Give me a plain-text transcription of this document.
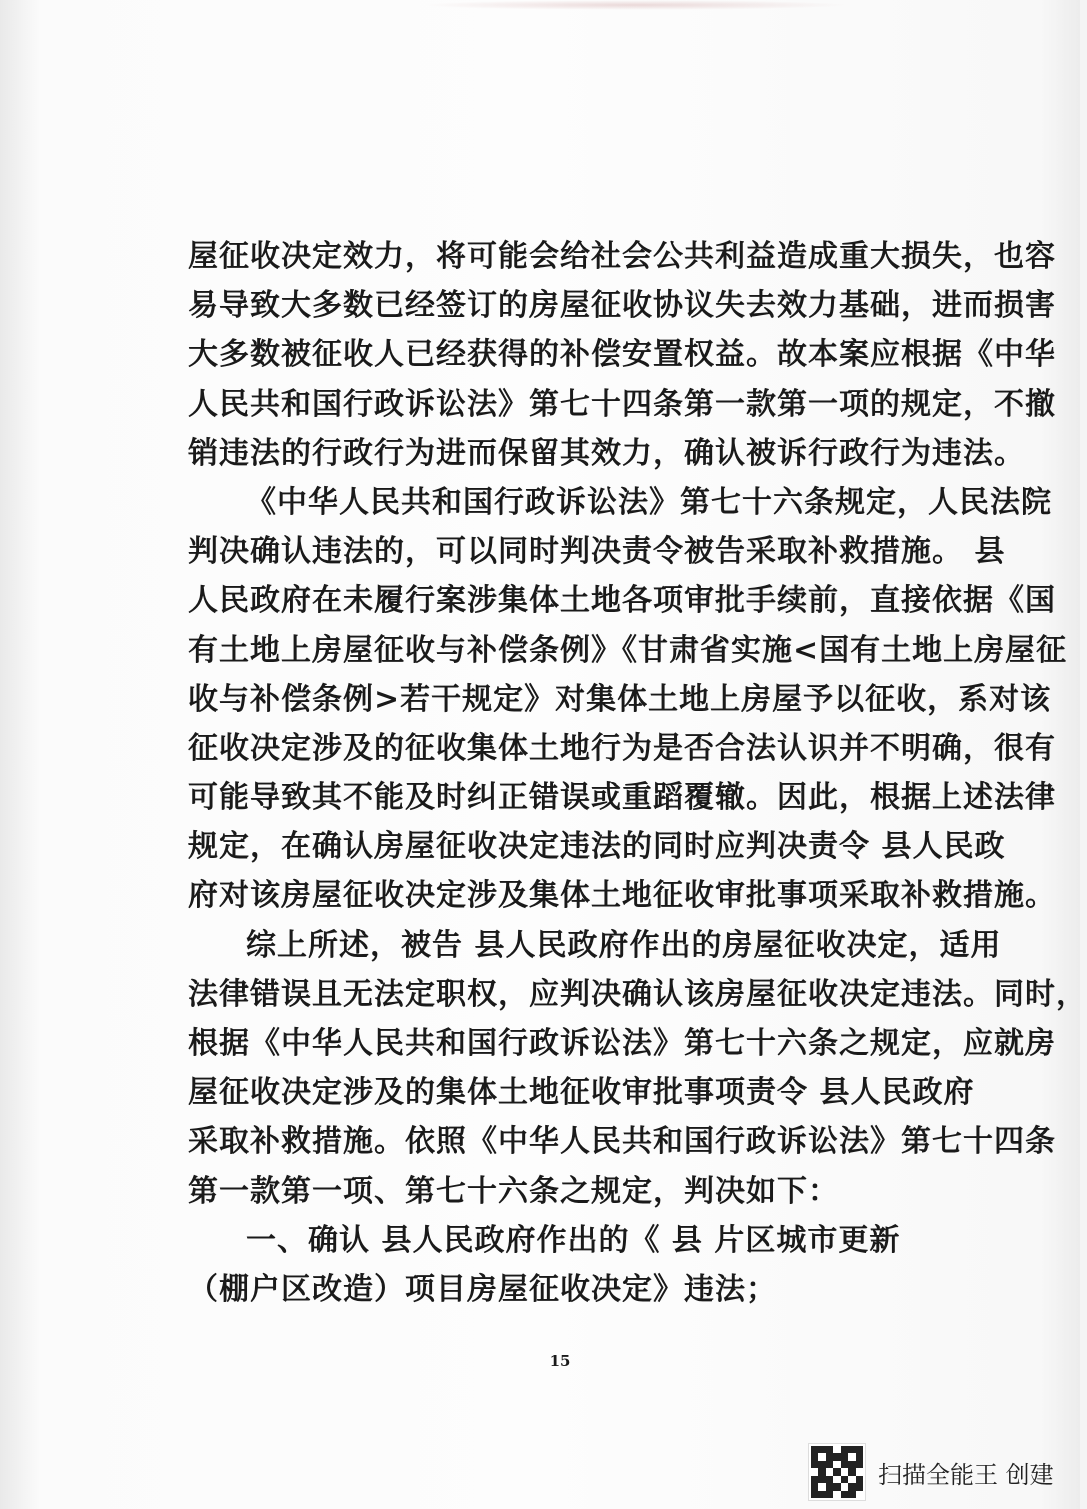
屋征收决定效力，将可能会给社会公共利益造成重大损失，也容
易导致大多数已经签订的房屋征收协议失去效力基础，进而损害
大多数被征收人已经获得的补偿安置权益。故本案应根据《中华
人民共和国行政诉讼法》第七十四条第一款第一项的规定，不撤
销违法的行政行为进而保留其效力，确认被诉行政行为违法。
《中华人民共和国行政诉讼法》第七十六条规定，人民法院
判决确认违法的，可以同时判决责令被告采取补救措施。 县
人民政府在未履行案涉集体土地各项审批手续前，直接依据《国
有土地上房屋征收与补偿条例》《甘肃省实施<国有土地上房屋征
收与补偿条例>若干规定》对集体土地上房屋予以征收，系对该
征收决定涉及的征收集体土地行为是否合法认识并不明确，很有
可能导致其不能及时纠正错误或重蹈覆辙。因此，根据上述法律
规定，在确认房屋征收决定违法的同时应判决责令 县人民政
府对该房屋征收决定涉及集体土地征收审批事项采取补救措施。
综上所述，被告 县人民政府作出的房屋征收决定，适用
法律错误且无法定职权，应判决确认该房屋征收决定违法。同时，
根据《中华人民共和国行政诉讼法》第七十六条之规定，应就房
屋征收决定涉及的集体土地征收审批事项责令 县人民政府
采取补救措施。依照《中华人民共和国行政诉讼法》第七十四条
第一款第一项、第七十六条之规定，判决如下：
一、确认 县人民政府作出的《 县 片区城市更新
（棚户区改造）项目房屋征收决定》违法；
15
扫描全能王 创建
